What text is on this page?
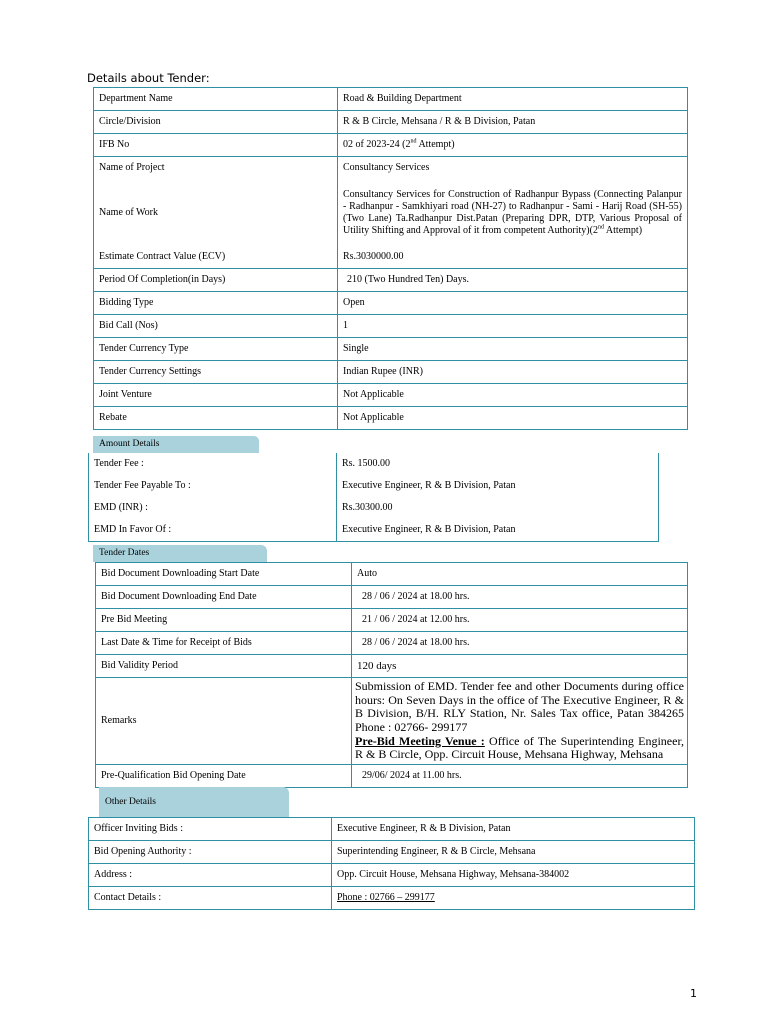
Details about Tender:
Department Name	Road & Building Department
Circle/Division	R & B Circle, Mehsana / R & B Division, Patan
IFB No	02 of 2023-24 (2nd Attempt)
Name of Project	Consultancy Services
Name of Work	Consultancy Services for Construction of Radhanpur Bypass (Connecting Palanpur - Radhanpur - Samkhiyari road (NH-27) to Radhanpur - Sami - Harij Road (SH-55) (Two Lane) Ta.Radhanpur Dist.Patan (Preparing DPR, DTP, Various Proposal of Utility Shifting and Approval of it from competent Authority)(2nd Attempt)
Estimate Contract Value (ECV)	Rs.3030000.00
Period Of Completion(in Days)	210 (Two Hundred Ten) Days.
Bidding Type	Open
Bid Call (Nos)	1
Tender Currency Type	Single
Tender Currency Settings	Indian Rupee (INR)
Joint Venture	Not Applicable
Rebate	Not Applicable
Amount Details
Tender Fee :	Rs. 1500.00
Tender Fee Payable To :	Executive Engineer, R & B Division, Patan
EMD (INR) :	Rs.30300.00
EMD In Favor Of :	Executive Engineer, R & B Division, Patan
Tender Dates
Bid Document Downloading Start Date	Auto
Bid Document Downloading End Date	28 / 06 / 2024 at 18.00 hrs.
Pre Bid Meeting	21 / 06 / 2024 at 12.00 hrs.
Last Date & Time for Receipt of Bids	28 / 06 / 2024 at 18.00 hrs.
Bid Validity Period	120 days
Remarks	Submission of EMD. Tender fee and other Documents during office hours: On Seven Days in the office of The Executive Engineer, R & B Division, B/H. RLY Station, Nr. Sales Tax office, Patan 384265 Phone : 02766- 299177
Pre-Bid Meeting Venue : Office of The Superintending Engineer, R & B Circle, Opp. Circuit House, Mehsana Highway, Mehsana
Pre-Qualification Bid Opening Date	29/06/ 2024 at 11.00 hrs.
Other Details
Officer Inviting Bids :	Executive Engineer, R & B Division, Patan
Bid Opening Authority :	Superintending Engineer, R & B Circle, Mehsana
Address :	Opp. Circuit House, Mehsana Highway, Mehsana-384002
Contact Details :	Phone : 02766 – 299177
1
